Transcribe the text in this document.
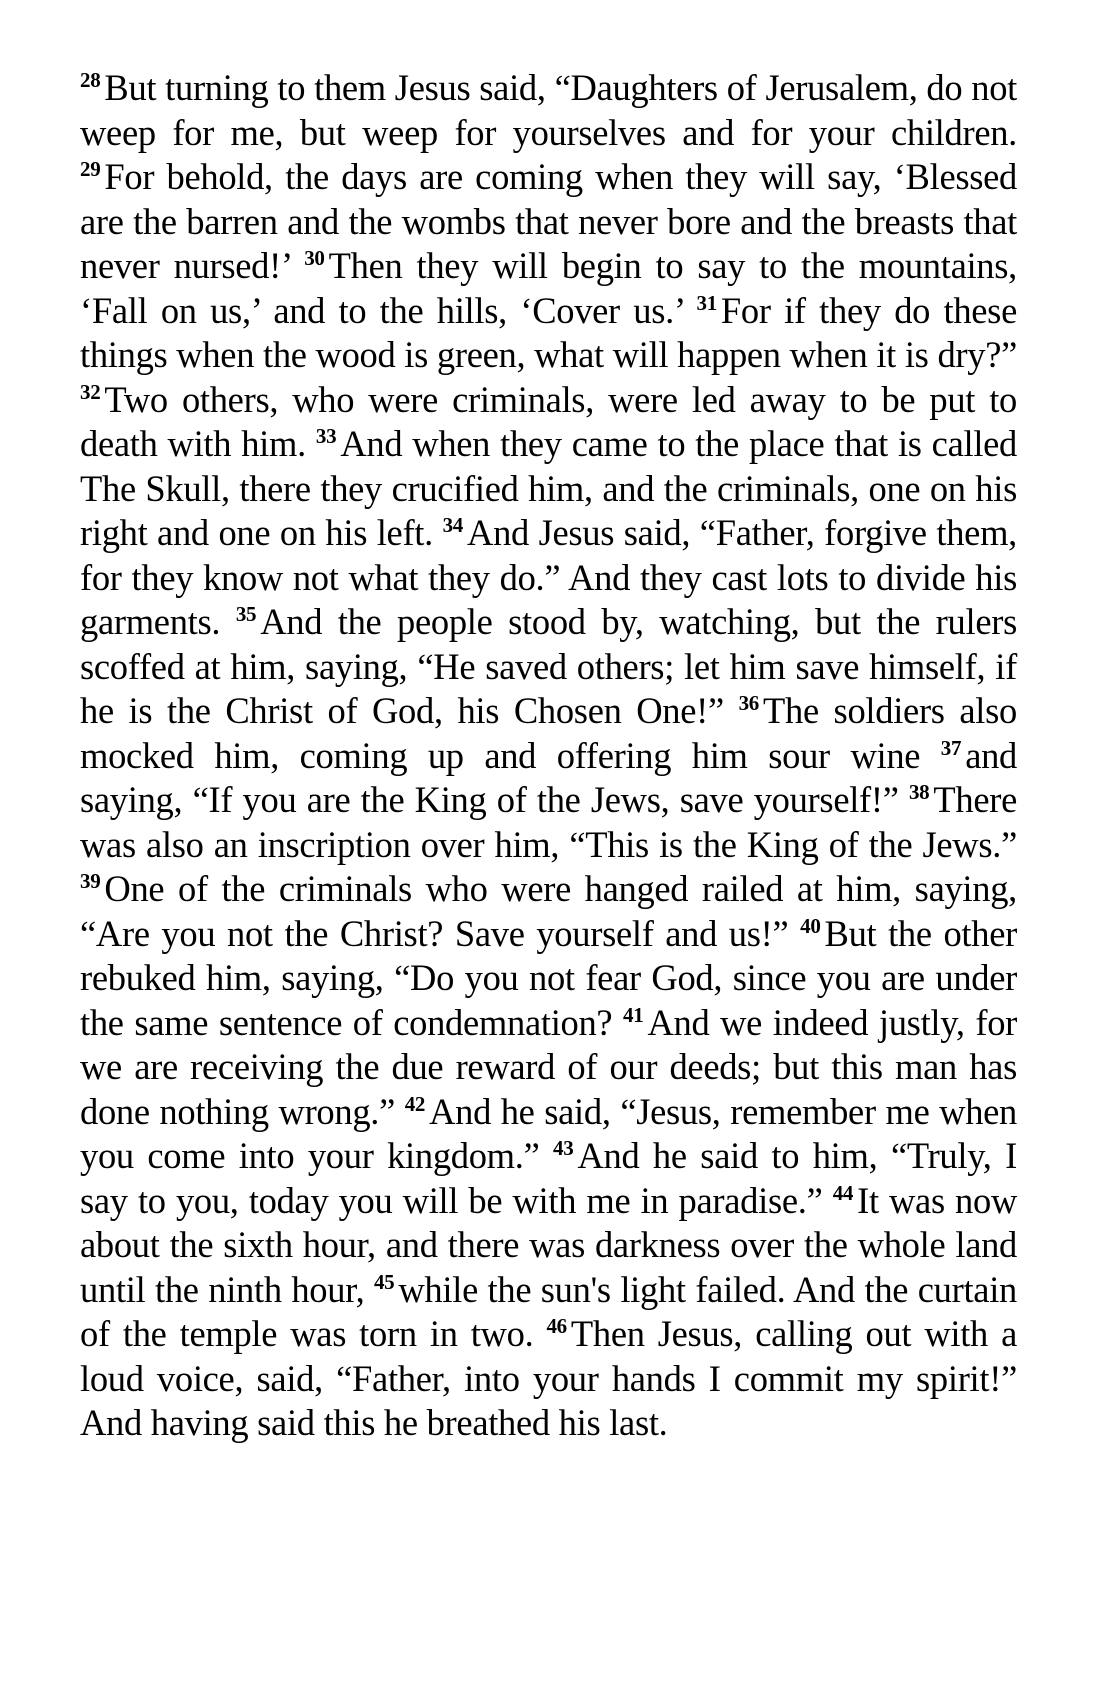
$^{28}$ But turning to them Jesus said, “Daughters of Jerusalem, do not weep for me, but weep for yourselves and for your children. $^{29}$ For behold, the days are coming when they will say, ‘Blessed are the barren and the wombs that never bore and the breasts that never nursed!’ $^{30}$ Then they will begin to say to the mountains, ‘Fall on us,’ and to the hills, ‘Cover us.’ $^{31}$ For if they do these things when the wood is green, what will happen when it is dry?” $^{32}$ Two others, who were criminals, were led away to be put to death with him. $^{33}$ And when they came to the place that is called The Skull, there they crucified him, and the criminals, one on his right and one on his left. $^{34}$ And Jesus said, “Father, forgive them, for they know not what they do.” And they cast lots to divide his garments. $^{35}$ And the people stood by, watching, but the rulers scoffed at him, saying, “He saved others; let him save himself, if he is the Christ of God, his Chosen One!” $^{36}$ The soldiers also mocked him, coming up and offering him sour wine $^{37}$ and saying, “If you are the King of the Jews, save yourself!” $^{38}$ There was also an inscription over him, “This is the King of the Jews.” $^{39}$ One of the criminals who were hanged railed at him, saying, “Are you not the Christ? Save yourself and us!” $^{40}$ But the other rebuked him, saying, “Do you not fear God, since you are under the same sentence of condemnation? $^{41}$ And we indeed justly, for we are receiving the due reward of our deeds; but this man has done nothing wrong.” $^{42}$ And he said, “Jesus, remember me when you come into your kingdom.” $^{43}$ And he said to him, “Truly, I say to you, today you will be with me in paradise.” $^{44}$ It was now about the sixth hour, and there was darkness over the whole land until the ninth hour, $^{45}$ while the sun's light failed. And the curtain of the temple was torn in two. $^{46}$ Then Jesus, calling out with a loud voice, said, “Father, into your hands I commit my spirit!” And having said this he breathed his last.
